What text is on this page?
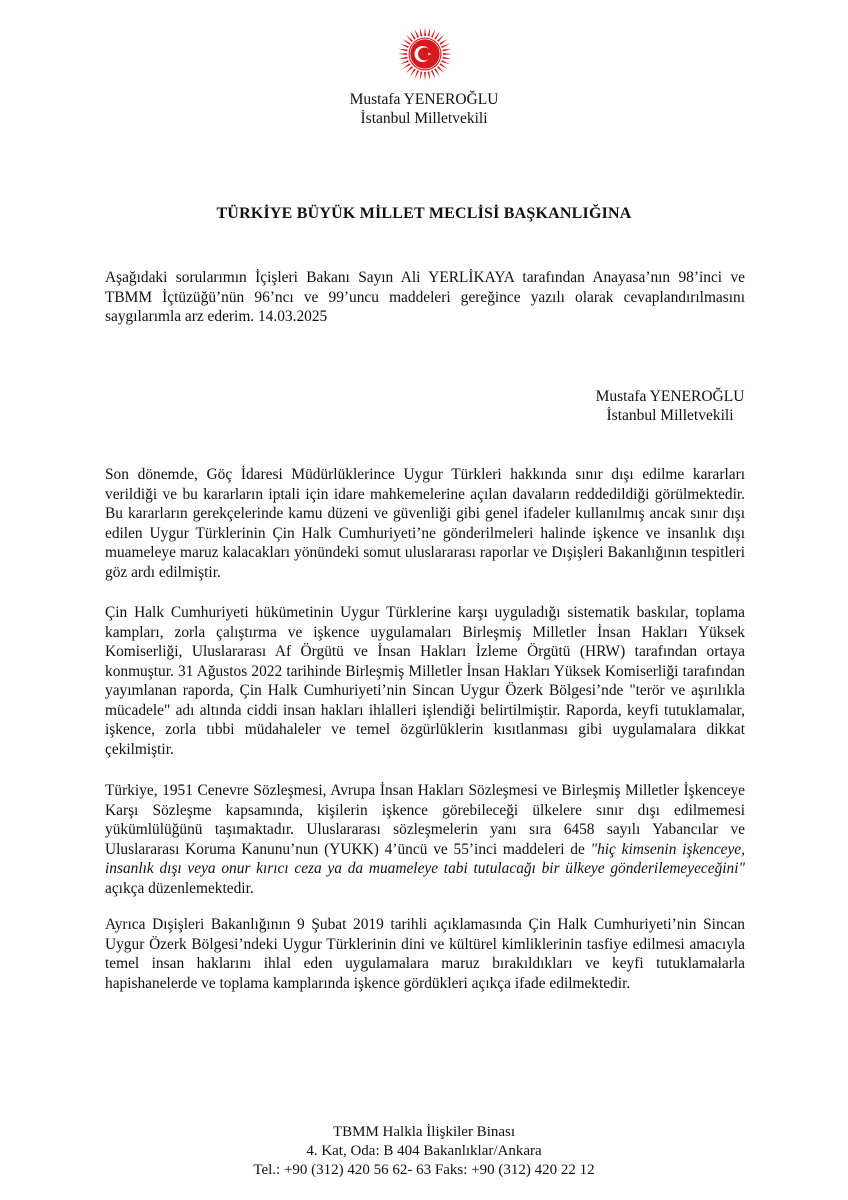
Mustafa YENEROĞLU
İstanbul Milletvekili
TÜRKİYE BÜYÜK MİLLET MECLİSİ BAŞKANLIĞINA
Aşağıdaki sorularımın İçişleri Bakanı Sayın Ali YERLİKAYA tarafından Anayasa’nın 98’inci ve TBMM İçtüzüğü’nün 96’ncı ve 99’uncu maddeleri gereğince yazılı olarak cevaplandırılmasını saygılarımla arz ederim. 14.03.2025
Mustafa YENEROĞLU
İstanbul Milletvekili
Son dönemde, Göç İdaresi Müdürlüklerince Uygur Türkleri hakkında sınır dışı edilme kararları verildiği ve bu kararların iptali için idare mahkemelerine açılan davaların reddedildiği görülmektedir. Bu kararların gerekçelerinde kamu düzeni ve güvenliği gibi genel ifadeler kullanılmış ancak sınır dışı edilen Uygur Türklerinin Çin Halk Cumhuriyeti’ne gönderilmeleri halinde işkence ve insanlık dışı muameleye maruz kalacakları yönündeki somut uluslararası raporlar ve Dışişleri Bakanlığının tespitleri göz ardı edilmiştir.
Çin Halk Cumhuriyeti hükümetinin Uygur Türklerine karşı uyguladığı sistematik baskılar, toplama kampları, zorla çalıştırma ve işkence uygulamaları Birleşmiş Milletler İnsan Hakları Yüksek Komiserliği, Uluslararası Af Örgütü ve İnsan Hakları İzleme Örgütü (HRW) tarafından ortaya konmuştur. 31 Ağustos 2022 tarihinde Birleşmiş Milletler İnsan Hakları Yüksek Komiserliği tarafından yayımlanan raporda, Çin Halk Cumhuriyeti’nin Sincan Uygur Özerk Bölgesi’nde "terör ve aşırılıkla mücadele" adı altında ciddi insan hakları ihlalleri işlendiği belirtilmiştir. Raporda, keyfi tutuklamalar, işkence, zorla tıbbi müdahaleler ve temel özgürlüklerin kısıtlanması gibi uygulamalara dikkat çekilmiştir.
Türkiye, 1951 Cenevre Sözleşmesi, Avrupa İnsan Hakları Sözleşmesi ve Birleşmiş Milletler İşkenceye Karşı Sözleşme kapsamında, kişilerin işkence görebileceği ülkelere sınır dışı edilmemesi yükümlülüğünü taşımaktadır. Uluslararası sözleşmelerin yanı sıra 6458 sayılı Yabancılar ve Uluslararası Koruma Kanunu’nun (YUKK) 4’üncü ve 55’inci maddeleri de "hiç kimsenin işkenceye, insanlık dışı veya onur kırıcı ceza ya da muameleye tabi tutulacağı bir ülkeye gönderilemeyeceğini" açıkça düzenlemektedir.
Ayrıca Dışişleri Bakanlığının 9 Şubat 2019 tarihli açıklamasında Çin Halk Cumhuriyeti’nin Sincan Uygur Özerk Bölgesi’ndeki Uygur Türklerinin dini ve kültürel kimliklerinin tasfiye edilmesi amacıyla temel insan haklarını ihlal eden uygulamalara maruz bırakıldıkları ve keyfi tutuklamalarla hapishanelerde ve toplama kamplarında işkence gördükleri açıkça ifade edilmektedir.
TBMM Halkla İlişkiler Binası
4. Kat, Oda: B 404 Bakanlıklar/Ankara
Tel.: +90 (312) 420 56 62- 63 Faks: +90 (312) 420 22 12
